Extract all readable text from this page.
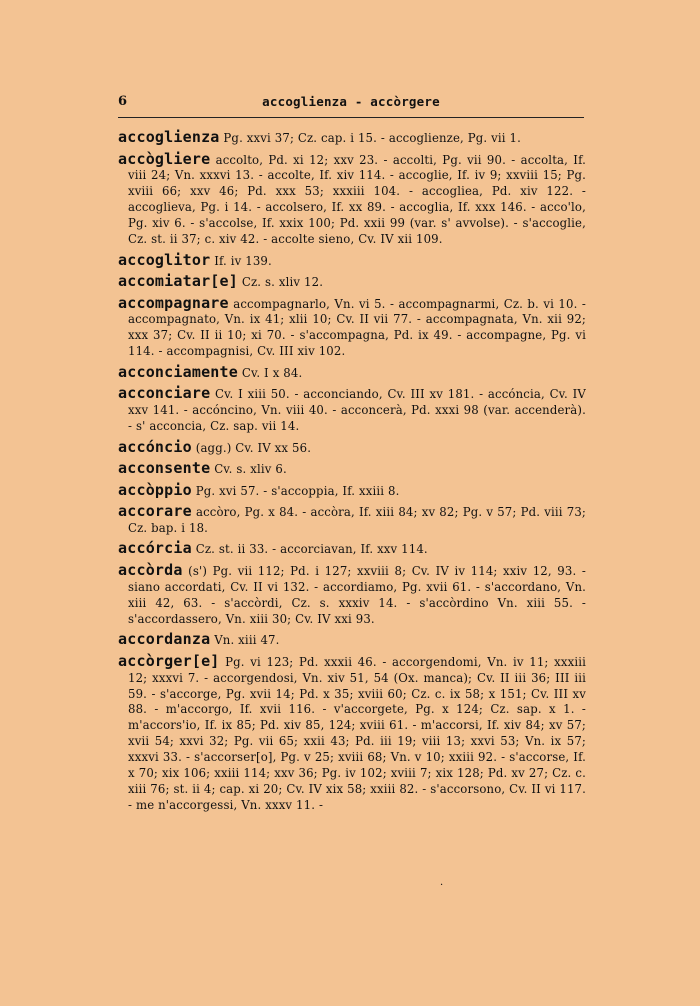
6	accoglienza - accòrgere

accoglienza Pg. xxvi 37; Cz. cap. i 15. - accoglienze, Pg. vii 1.

accògliere accolto, Pd. xi 12; xxv 23. - accolti, Pg. vii 90. - accolta, If. viii 24; Vn. xxxvi 13. - accolte, If. xiv 114. - accoglie, If. iv 9; xxviii 15; Pg. xviii 66; xxv 46; Pd. xxx 53; xxxiii 104. - accogliea, Pd. xiv 122. - accoglieva, Pg. i 14. - accolsero, If. xx 89. - accoglia, If. xxx 146. - acco'lo, Pg. xiv 6. - s'accolse, If. xxix 100; Pd. xxii 99 (var. s' avvolse). - s'accoglie, Cz. st. ii 37; c. xiv 42. - accolte sieno, Cv. IV xii 109.

accoglitor If. iv 139.

accomiatar[e] Cz. s. xliv 12.

accompagnare accompagnarlo, Vn. vi 5. - accompagnarmi, Cz. b. vi 10. - accompagnato, Vn. ix 41; xlii 10; Cv. II vii 77. - accompagnata, Vn. xii 92; xxx 37; Cv. II ii 10; xi 70. - s'accompagna, Pd. ix 49. - accompagne, Pg. vi 114. - accompagnisi, Cv. III xiv 102.

acconciamente Cv. I x 84.

acconciare Cv. I xiii 50. - acconciando, Cv. III xv 181. - accóncia, Cv. IV xxv 141. - accóncino, Vn. viii 40. - acconcerà, Pd. xxxi 98 (var. accenderà). - s' acconcia, Cz. sap. vii 14.

accóncio (agg.) Cv. IV xx 56.

acconsente Cv. s. xliv 6.

accòppio Pg. xvi 57. - s'accoppia, If. xxiii 8.

accorare accòro, Pg. x 84. - accòra, If. xiii 84; xv 82; Pg. v 57; Pd. viii 73; Cz. bap. i 18.

accórcia Cz. st. ii 33. - accorciavan, If. xxv 114.

accòrda (s') Pg. vii 112; Pd. i 127; xxviii 8; Cv. IV iv 114; xxiv 12, 93. - siano accordati, Cv. II vi 132. - accordiamo, Pg. xvii 61. - s'accordano, Vn. xiii 42, 63. - s'accòrdi, Cz. s. xxxiv 14. - s'accòrdino Vn. xiii 55. - s'accordassero, Vn. xiii 30; Cv. IV xxi 93.

accordanza Vn. xiii 47.

accòrger[e] Pg. vi 123; Pd. xxxii 46. - accorgendomi, Vn. iv 11; xxxiii 12; xxxvi 7. - accorgendosi, Vn. xiv 51, 54 (Ox. manca); Cv. II iii 36; III iii 59. - s'accorge, Pg. xvii 14; Pd. x 35; xviii 60; Cz. c. ix 58; x 151; Cv. III xv 88. - m'accorgo, If. xvii 116. - v'accorgete, Pg. x 124; Cz. sap. x 1. - m'accors'io, If. ix 85; Pd. xiv 85, 124; xviii 61. - m'accorsi, If. xiv 84; xv 57; xvii 54; xxvi 32; Pg. vii 65; xxii 43; Pd. iii 19; viii 13; xxvi 53; Vn. ix 57; xxxvi 33. - s'accorser[o], Pg. v 25; xviii 68; Vn. v 10; xxiii 92. - s'accorse, If. x 70; xix 106; xxiii 114; xxv 36; Pg. iv 102; xviii 7; xix 128; Pd. xv 27; Cz. c. xiii 76; st. ii 4; cap. xi 20; Cv. IV xix 58; xxiii 82. - s'accorsono, Cv. II vi 117. - me n'accorgessi, Vn. xxxv 11. -

·
